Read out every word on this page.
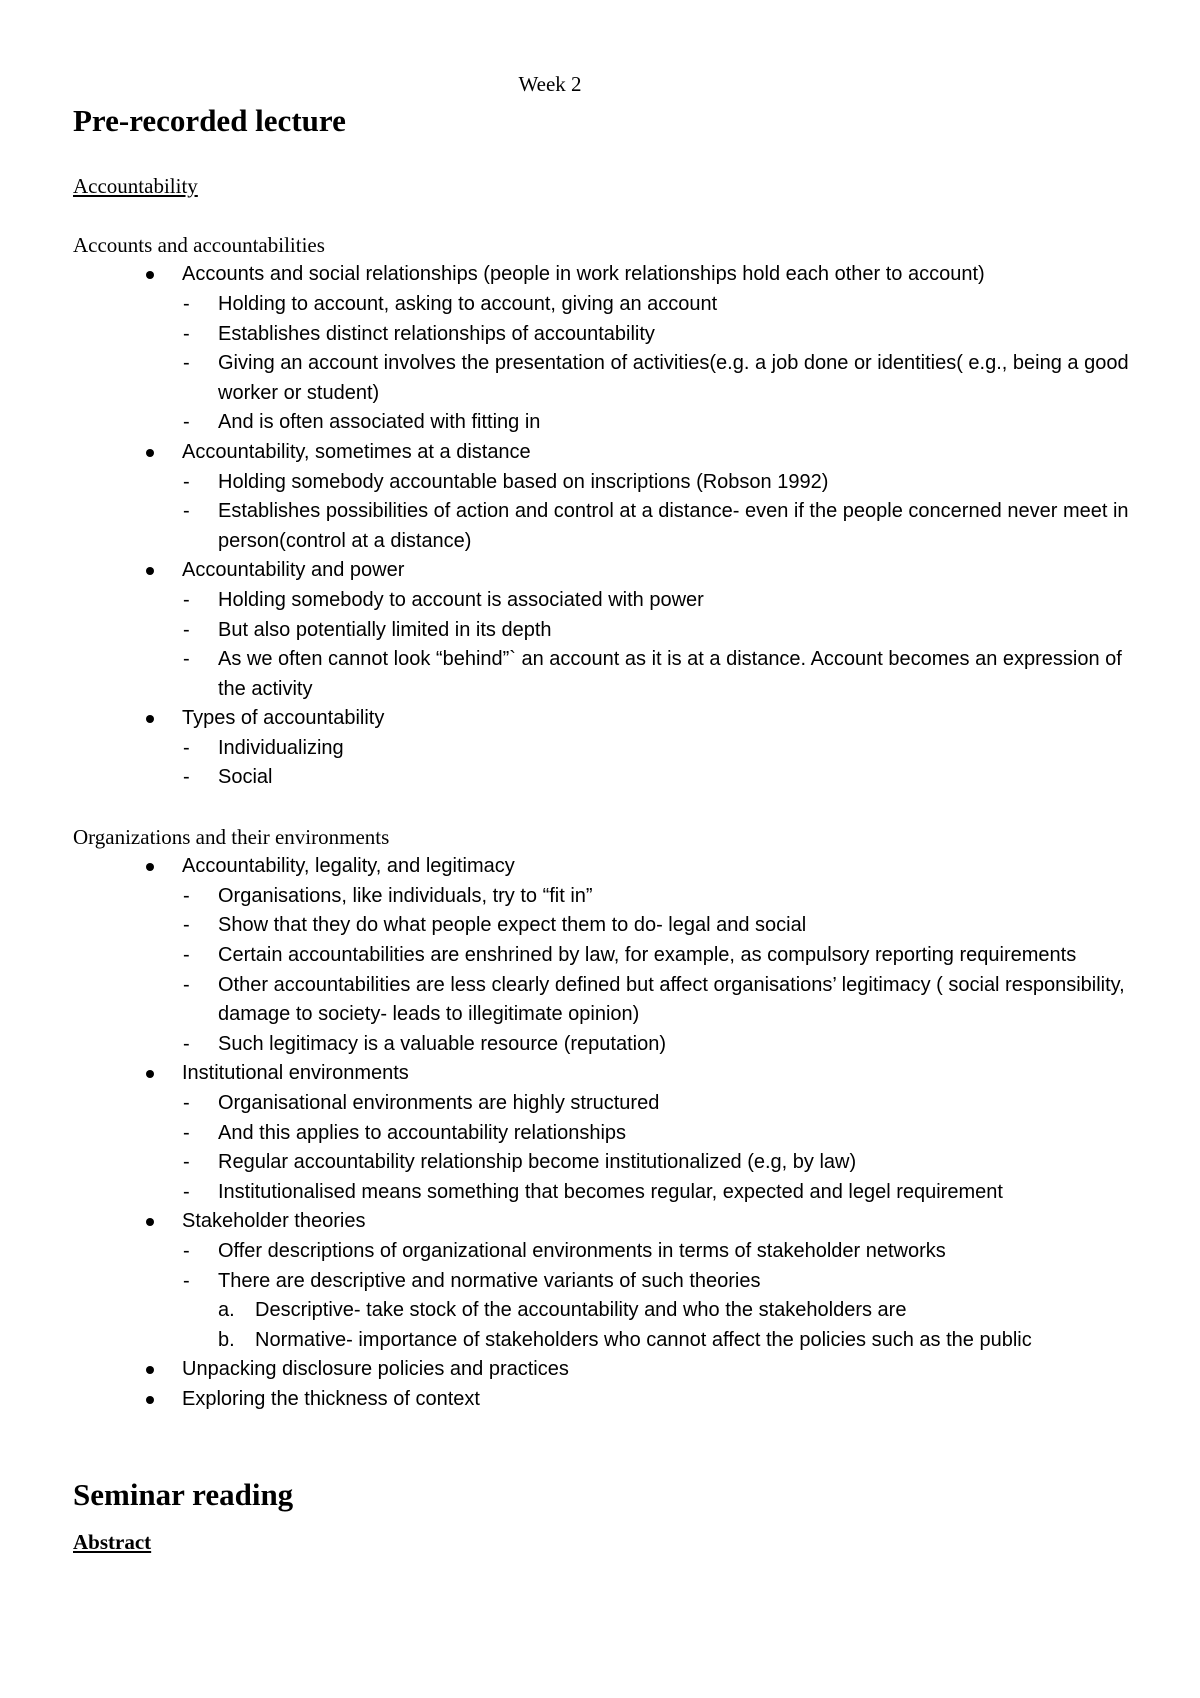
Week 2
Pre-recorded lecture
Accountability
Accounts and accountabilities
Accounts and social relationships (people in work relationships hold each other to account)
- Holding to account, asking to account, giving an account
- Establishes distinct relationships of accountability
- Giving an account involves the presentation of activities(e.g. a job done or identities( e.g., being a good worker or student)
- And is often associated with fitting in
Accountability, sometimes at a distance
- Holding somebody accountable based on inscriptions (Robson 1992)
- Establishes possibilities of action and control at a distance- even if the people concerned never meet in person(control at a distance)
Accountability and power
- Holding somebody to account is associated with power
- But also potentially limited in its depth
- As we often cannot look “behind”` an account as it is at a distance. Account becomes an expression of the activity
Types of accountability
- Individualizing
- Social
Organizations and their environments
Accountability, legality, and legitimacy
- Organisations, like individuals, try to “fit in”
- Show that they do what people expect them to do- legal and social
- Certain accountabilities are enshrined by law, for example, as compulsory reporting requirements
- Other accountabilities are less clearly defined but affect organisations’ legitimacy ( social responsibility, damage to society- leads to illegitimate opinion)
- Such legitimacy is a valuable resource (reputation)
Institutional environments
- Organisational environments are highly structured
- And this applies to accountability relationships
- Regular accountability relationship become institutionalized (e.g, by law)
- Institutionalised means something that becomes regular, expected and legel requirement
Stakeholder theories
- Offer descriptions of organizational environments in terms of stakeholder networks
- There are descriptive and normative variants of such theories
a. Descriptive- take stock of the accountability and who the stakeholders are
b. Normative- importance of stakeholders who cannot affect the policies such as the public
Unpacking disclosure policies and practices
Exploring the thickness of context
Seminar reading
Abstract
